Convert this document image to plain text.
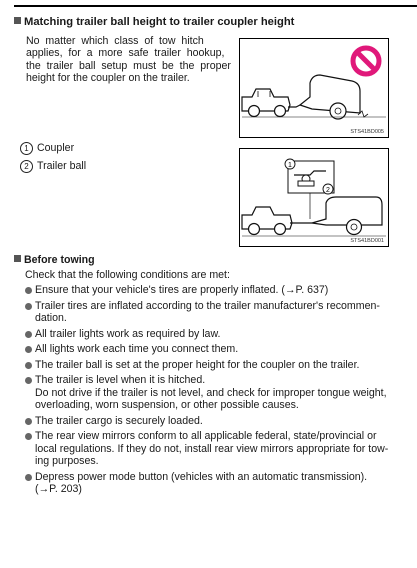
Matching trailer ball height to trailer coupler height
No  matter  which  class  of  tow  hitch
applies,  for  a  more  safe  trailer  hookup,
the  trailer  ball  setup  must  be  the  proper
height for the coupler on the trailer.
STS41BD005
1 Coupler
2 Trailer ball	1
2
STS41BD001
Before towing
Check that the following conditions are met:
Ensure that your vehicle's tires are properly inflated. (→P. 637)
Trailer tires are inflated according to the trailer manufacturer's recommen-
dation.
All trailer lights work as required by law.
All lights work each time you connect them.
The trailer ball is set at the proper height for the coupler on the trailer.
The trailer is level when it is hitched.
Do not drive if the trailer is not level, and check for improper tongue weight,
overloading, worn suspension, or other possible causes.
The trailer cargo is securely loaded.
The rear view mirrors conform to all applicable federal, state/provincial or
local regulations. If they do not, install rear view mirrors appropriate for tow-
ing purposes.
Depress power mode button (vehicles with an automatic transmission).
(→P. 203)
